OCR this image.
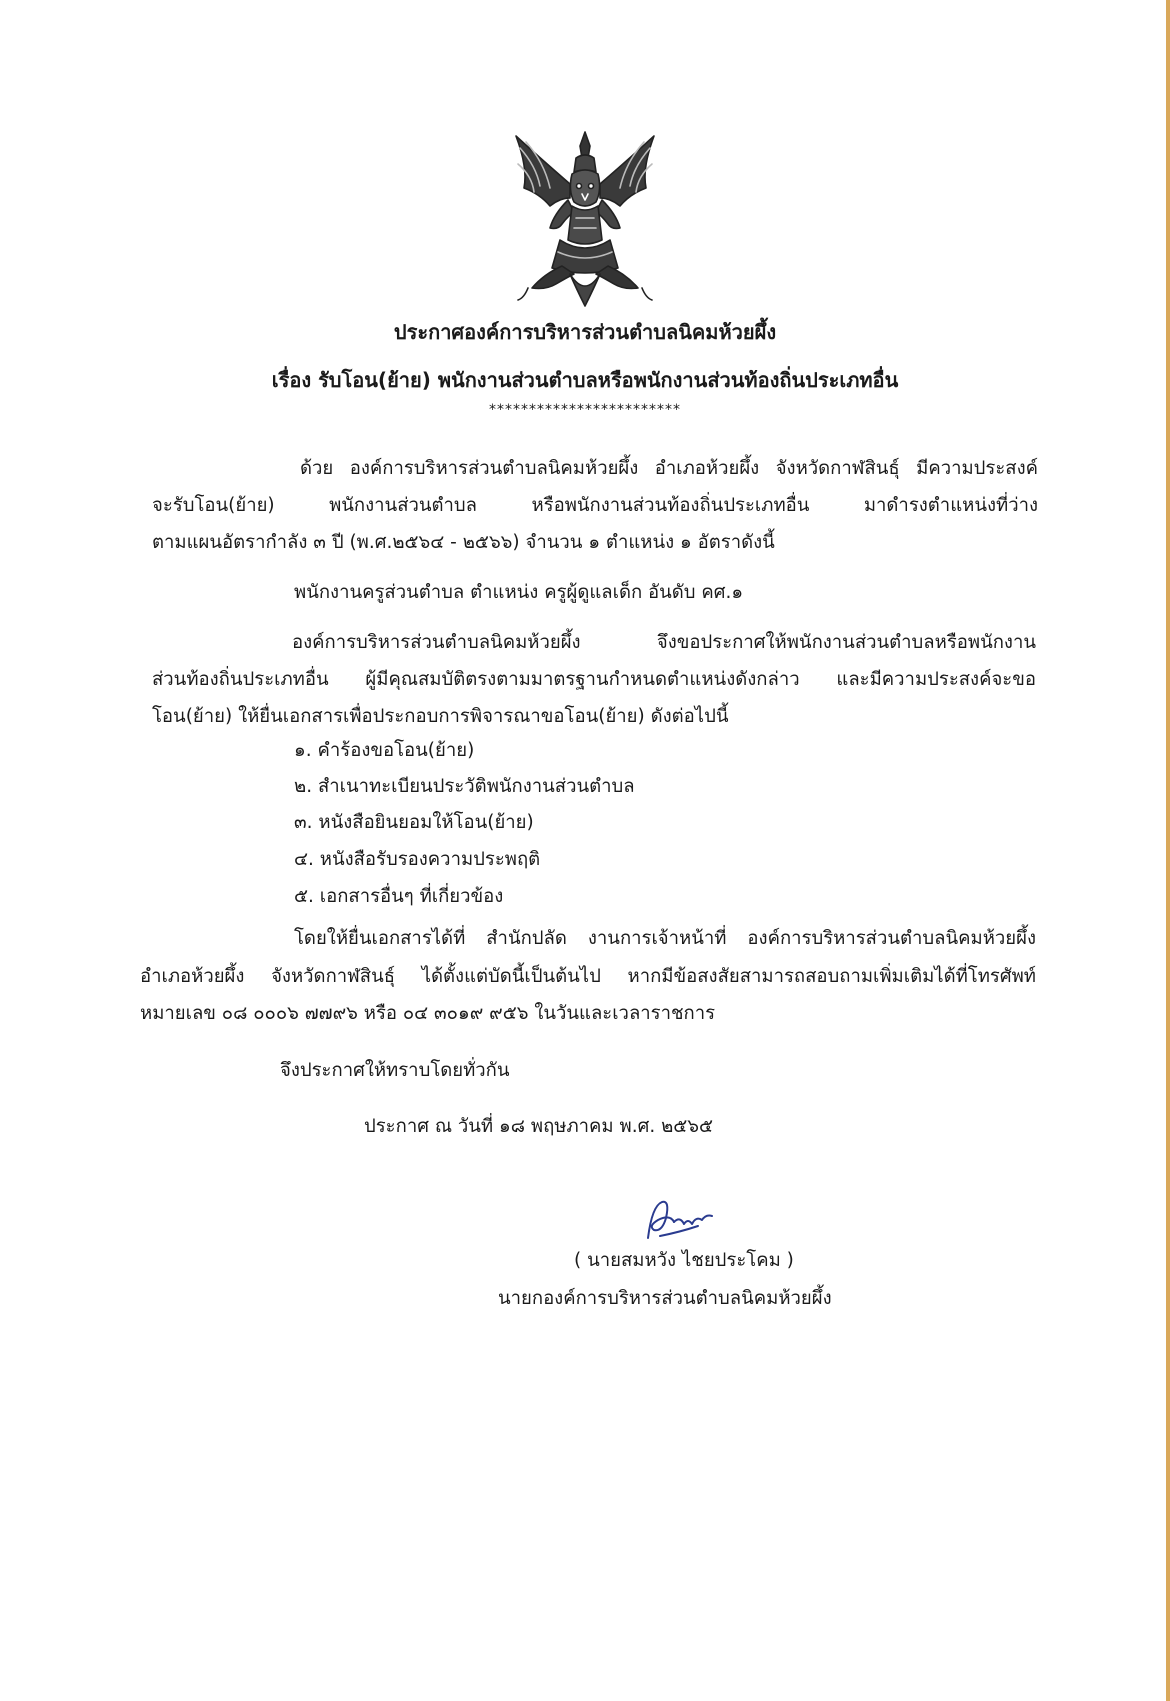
ประกาศองค์การบริหารส่วนตำบลนิคมห้วยผึ้ง
เรื่อง รับโอน(ย้าย) พนักงานส่วนตำบลหรือพนักงานส่วนท้องถิ่นประเภทอื่น
************************
ด้วย องค์การบริหารส่วนตำบลนิคมห้วยผึ้ง อำเภอห้วยผึ้ง จังหวัดกาฬสินธุ์ มีความประสงค์
จะรับโอน(ย้าย) พนักงานส่วนตำบล หรือพนักงานส่วนท้องถิ่นประเภทอื่น มาดำรงตำแหน่งที่ว่าง
ตามแผนอัตรากำลัง ๓ ปี (พ.ศ.๒๕๖๔ - ๒๕๖๖) จำนวน ๑ ตำแหน่ง ๑ อัตราดังนี้
พนักงานครูส่วนตำบล ตำแหน่ง ครูผู้ดูแลเด็ก อันดับ คศ.๑
องค์การบริหารส่วนตำบลนิคมห้วยผึ้ง จึงขอประกาศให้พนักงานส่วนตำบลหรือพนักงาน
ส่วนท้องถิ่นประเภทอื่น ผู้มีคุณสมบัติตรงตามมาตรฐานกำหนดตำแหน่งดังกล่าว และมีความประสงค์จะขอ
โอน(ย้าย) ให้ยื่นเอกสารเพื่อประกอบการพิจารณาขอโอน(ย้าย) ดังต่อไปนี้
๑. คำร้องขอโอน(ย้าย)
๒. สำเนาทะเบียนประวัติพนักงานส่วนตำบล
๓. หนังสือยินยอมให้โอน(ย้าย)
๔. หนังสือรับรองความประพฤติ
๕. เอกสารอื่นๆ ที่เกี่ยวข้อง
โดยให้ยื่นเอกสารได้ที่ สำนักปลัด งานการเจ้าหน้าที่ องค์การบริหารส่วนตำบลนิคมห้วยผึ้ง
อำเภอห้วยผึ้ง จังหวัดกาฬสินธุ์ ได้ตั้งแต่บัดนี้เป็นต้นไป หากมีข้อสงสัยสามารถสอบถามเพิ่มเติมได้ที่โทรศัพท์
หมายเลข ๐๘ ๐๐๐๖ ๗๗๙๖ หรือ ๐๔ ๓๐๑๙ ๙๕๖ ในวันและเวลาราชการ
จึงประกาศให้ทราบโดยทั่วกัน
ประกาศ ณ วันที่ ๑๘ พฤษภาคม พ.ศ. ๒๕๖๕
( นายสมหวัง ไชยประโคม )
นายกองค์การบริหารส่วนตำบลนิคมห้วยผึ้ง
